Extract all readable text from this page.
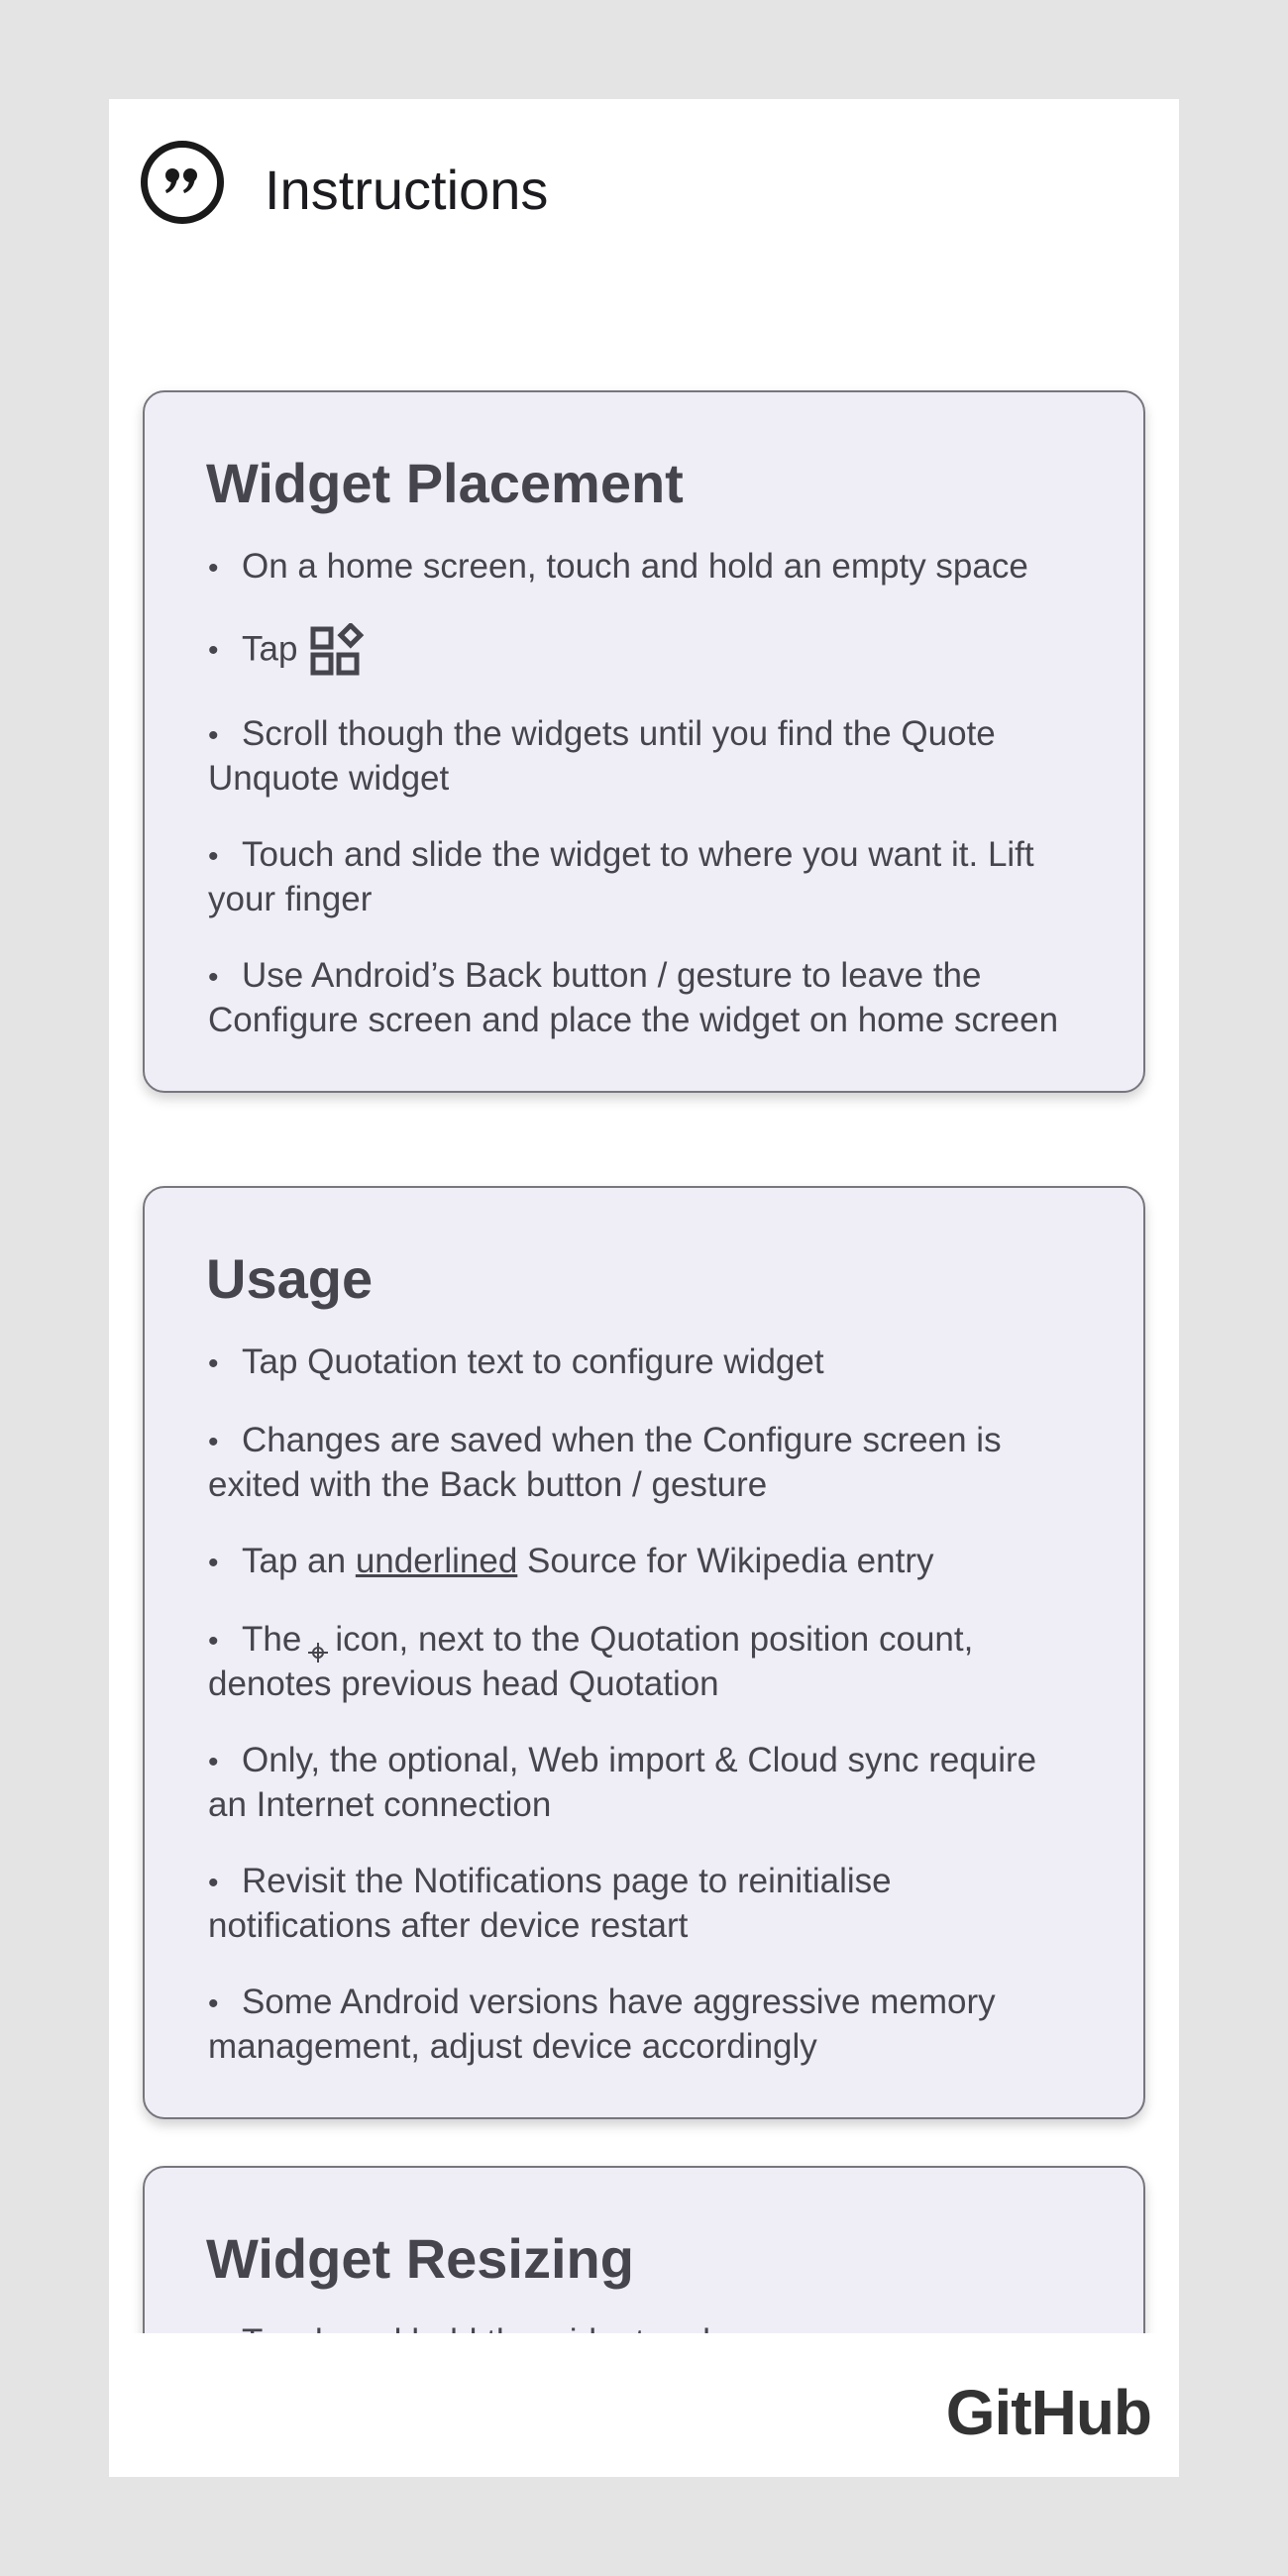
Instructions
Widget Placement
• On a home screen, touch and hold an empty space
• Tap
• Scroll though the widgets until you find the Quote Unquote widget
• Touch and slide the widget to where you want it. Lift your finger
• Use Android’s Back button / gesture to leave the Configure screen and place the widget on home screen
Usage
• Tap Quotation text to configure widget
• Changes are saved when the Configure screen is exited with the Back button / gesture
• Tap an underlined Source for Wikipedia entry
• The icon, next to the Quotation position count, denotes previous head Quotation
• Only, the optional, Web import & Cloud sync require an Internet connection
• Revisit the Notifications page to reinitialise notifications after device restart
• Some Android versions have aggressive memory management, adjust device accordingly
Widget Resizing
GitHub
